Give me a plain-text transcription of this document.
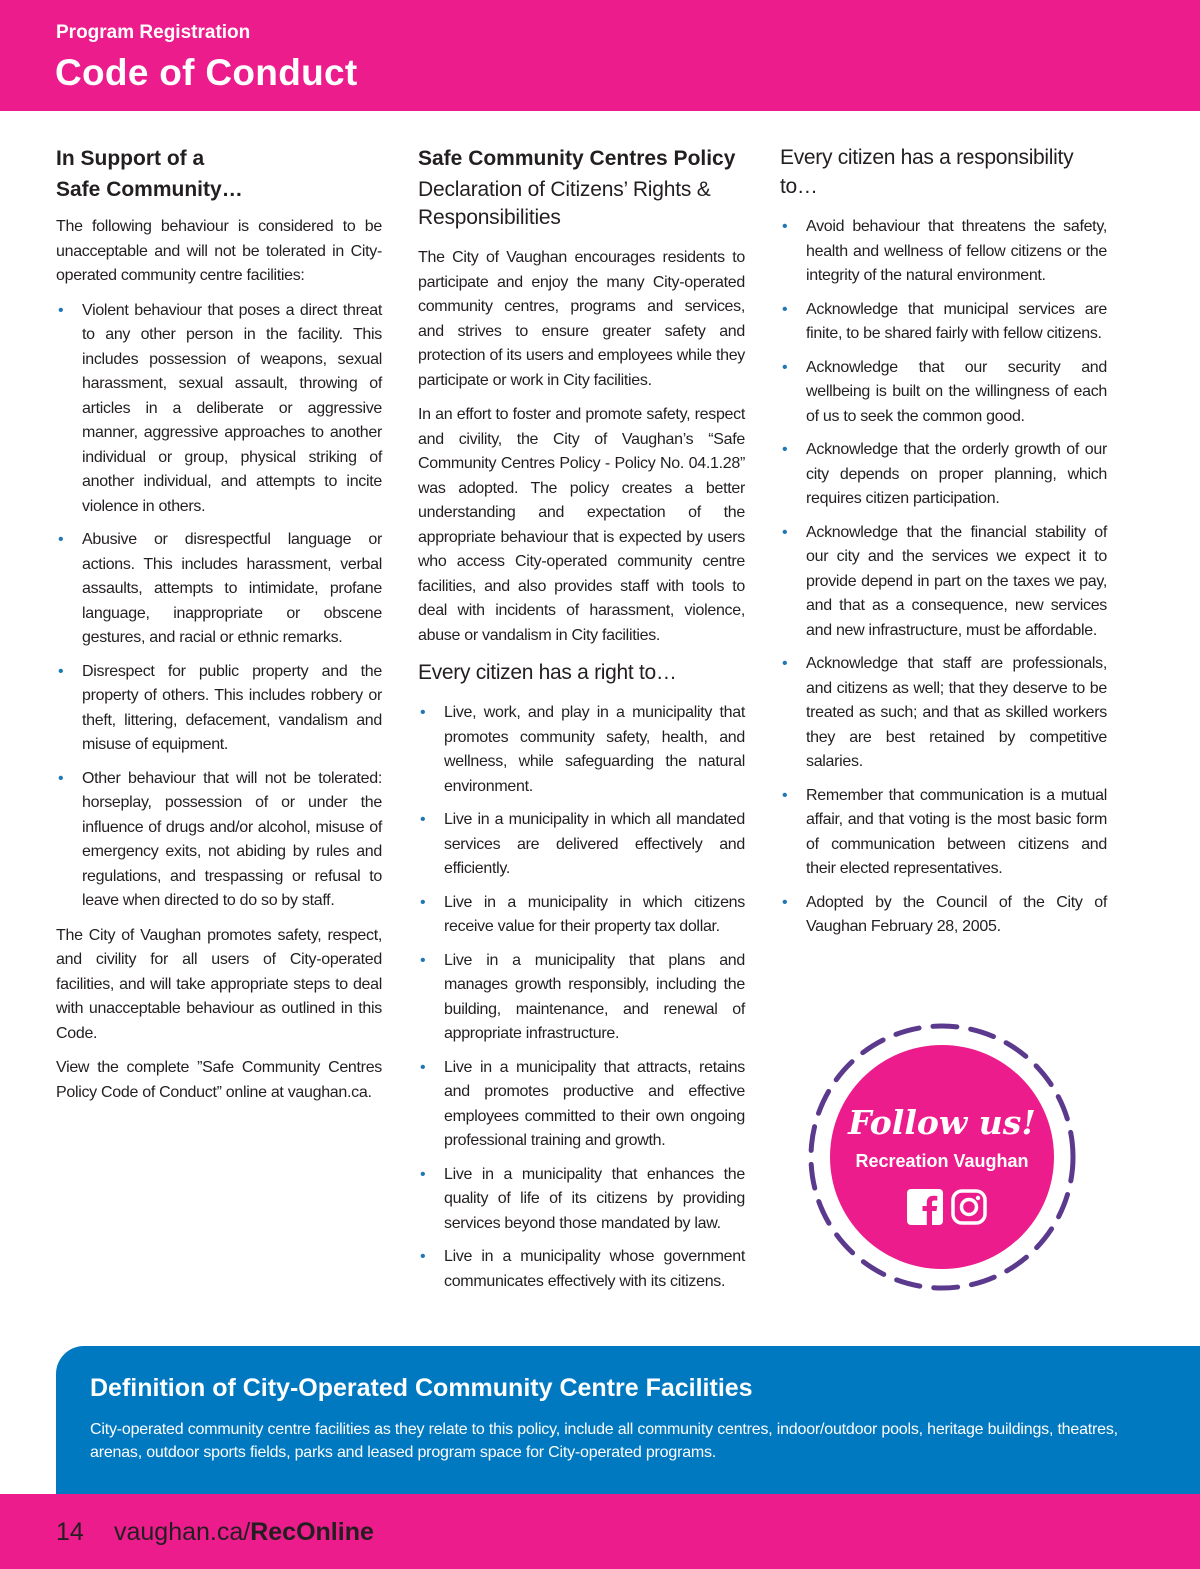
Program Registration
Code of Conduct
In Support of a
Safe Community…

The following behaviour is considered to be unacceptable and will not be tolerated in City-operated community centre facilities:

• Violent behaviour that poses a direct threat to any other person in the facility. This includes possession of weapons, sexual harassment, sexual assault, throwing of articles in a deliberate or aggressive manner, aggressive approaches to another individual or group, physical striking of another individual, and attempts to incite violence in others.
• Abusive or disrespectful language or actions. This includes harassment, verbal assaults, attempts to intimidate, profane language, inappropriate or obscene gestures, and racial or ethnic remarks.
• Disrespect for public property and the property of others. This includes robbery or theft, littering, defacement, vandalism and misuse of equipment.
• Other behaviour that will not be tolerated: horseplay, possession of or under the influence of drugs and/or alcohol, misuse of emergency exits, not abiding by rules and regulations, and trespassing or refusal to leave when directed to do so by staff.

The City of Vaughan promotes safety, respect, and civility for all users of City-operated facilities, and will take appropriate steps to deal with unacceptable behaviour as outlined in this Code.

View the complete ”Safe Community Centres Policy Code of Conduct” online at vaughan.ca.

Safe Community Centres Policy
Declaration of Citizens’ Rights & Responsibilities

The City of Vaughan encourages residents to participate and enjoy the many City-operated community centres, programs and services, and strives to ensure greater safety and protection of its users and employees while they participate or work in City facilities.

In an effort to foster and promote safety, respect and civility, the City of Vaughan’s “Safe Community Centres Policy - Policy No. 04.1.28” was adopted. The policy creates a better understanding and expectation of the appropriate behaviour that is expected by users who access City-operated community centre facilities, and also provides staff with tools to deal with incidents of harassment, violence, abuse or vandalism in City facilities.

Every citizen has a right to…
• Live, work, and play in a municipality that promotes community safety, health, and wellness, while safeguarding the natural environment.
• Live in a municipality in which all mandated services are delivered effectively and efficiently.
• Live in a municipality in which citizens receive value for their property tax dollar.
• Live in a municipality that plans and manages growth responsibly, including the building, maintenance, and renewal of appropriate infrastructure.
• Live in a municipality that attracts, retains and promotes productive and effective employees committed to their own ongoing professional training and growth.
• Live in a municipality that enhances the quality of life of its citizens by providing services beyond those mandated by law.
• Live in a municipality whose government communicates effectively with its citizens.
Every citizen has a responsibility to…
• Avoid behaviour that threatens the safety, health and wellness of fellow citizens or the integrity of the natural environment.
• Acknowledge that municipal services are finite, to be shared fairly with fellow citizens.
• Acknowledge that our security and wellbeing is built on the willingness of each of us to seek the common good.
• Acknowledge that the orderly growth of our city depends on proper planning, which requires citizen participation.
• Acknowledge that the financial stability of our city and the services we expect it to provide depend in part on the taxes we pay, and that as a consequence, new services and new infrastructure, must be affordable.
• Acknowledge that staff are professionals, and citizens as well; that they deserve to be treated as such; and that as skilled workers they are best retained by competitive salaries.
• Remember that communication is a mutual affair, and that voting is the most basic form of communication between citizens and their elected representatives.
• Adopted by the Council of the City of Vaughan February 28, 2005.
Follow us!
Recreation Vaughan
Definition of City-Operated Community Centre Facilities
City-operated community centre facilities as they relate to this policy, include all community centres, indoor/outdoor pools, heritage buildings, theatres, arenas, outdoor sports fields, parks and leased program space for City-operated programs.
14 vaughan.ca/RecOnline
